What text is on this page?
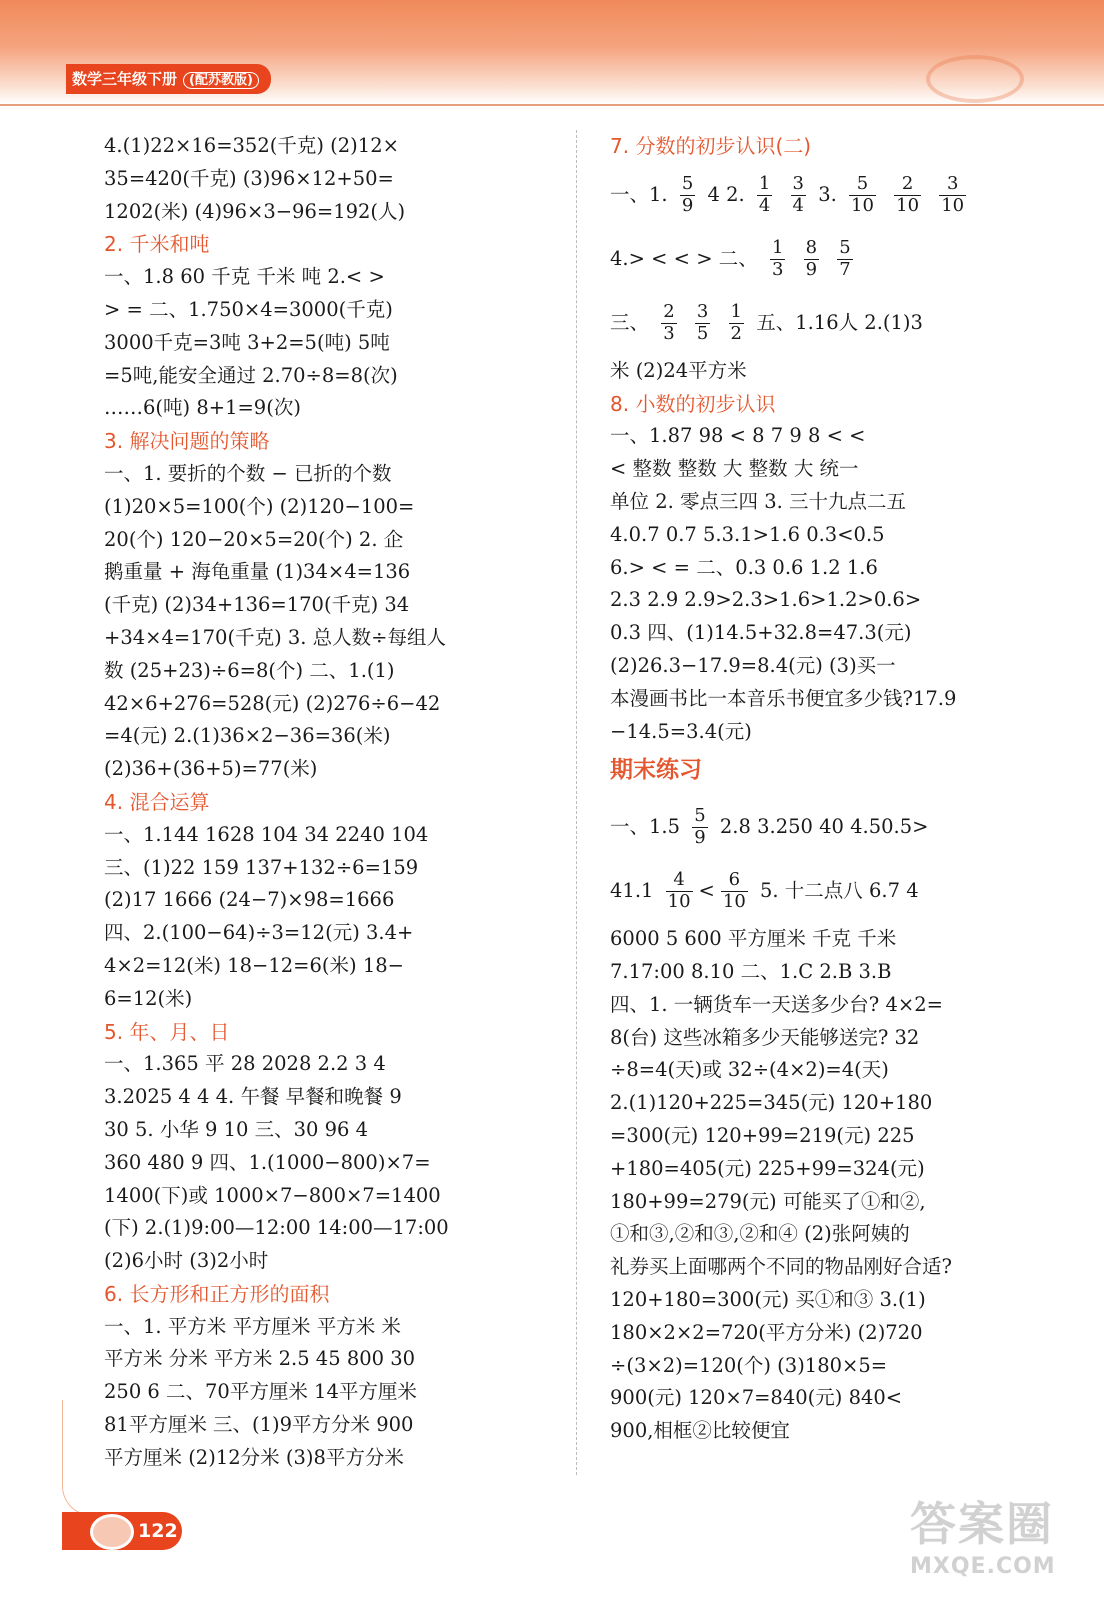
数学三年级下册 (配苏教版)
4.(1)22×16=352(千克) (2)12×
35=420(千克) (3)96×12+50=
1202(米) (4)96×3−96=192(人)
2. 千米和吨
一、1.8 60 千克 千米 吨 2.< >
> = 二、1.750×4=3000(千克)
3000千克=3吨 3+2=5(吨) 5吨
=5吨,能安全通过 2.70÷8=8(次)
……6(吨) 8+1=9(次)
3. 解决问题的策略
一、1. 要折的个数 − 已折的个数
(1)20×5=100(个) (2)120−100=
20(个) 120−20×5=20(个) 2. 企
鹅重量 + 海龟重量 (1)34×4=136
(千克) (2)34+136=170(千克) 34
+34×4=170(千克) 3. 总人数÷每组人
数 (25+23)÷6=8(个) 二、1.(1)
42×6+276=528(元) (2)276÷6−42
=4(元) 2.(1)36×2−36=36(米)
(2)36+(36+5)=77(米)
4. 混合运算
一、1.144 1628 104 34 2240 104
三、(1)22 159 137+132÷6=159
(2)17 1666 (24−7)×98=1666
四、2.(100−64)÷3=12(元) 3.4+
4×2=12(米) 18−12=6(米) 18−
6=12(米)
5. 年、月、日
一、1.365 平 28 2028 2.2 3 4
3.2025 4 4 4. 午餐 早餐和晚餐 9
30 5. 小华 9 10 三、30 96 4
360 480 9 四、1.(1000−800)×7=
1400(下)或 1000×7−800×7=1400
(下) 2.(1)9:00—12:00 14:00—17:00
(2)6小时 (3)2小时
6. 长方形和正方形的面积
一、1. 平方米 平方厘米 平方米 米
平方米 分米 平方米 2.5 45 800 30
250 6 二、70平方厘米 14平方厘米
81平方厘米 三、(1)9平方分米 900
平方厘米 (2)12分米 (3)8平方分米
7. 分数的初步认识(二)
一、1. $\frac{5}{9} 4$ 2. $\frac{1}{4}$
$\frac{3}{4} 3$. $\frac{5}{10}$
$\frac{2}{10}$
$\frac{3}{10}$
4.> < < > 二、 $\frac{1}{3}$
$\frac{8}{9}$
$\frac{5}{7}$
三、 $\frac{2}{3}$
$\frac{3}{5}$
$\frac{1}{2}$ 五、1.16人 2.(1)3
米 (2)24平方米
8. 小数的初步认识
一、1.87 98 < 8 7 9 8 < <
< 整数 整数 大 整数 大 统一
单位 2. 零点三四 3. 三十九点二五
4.0.7 0.7 5.3.1>1.6 0.3<0.5
6.> < = 二、0.3 0.6 1.2 1.6
2.3 2.9 2.9>2.3>1.6>1.2>0.6>
0.3 四、(1)14.5+32.8=47.3(元)
(2)26.3−17.9=8.4(元) (3)买一
本漫画书比一本音乐书便宜多少钱?17.9
−14.5=3.4(元)
期末练习
一、$1.5 \frac{5}{9} 2.8$ 3.250 40 4.50.5>
$41.1 \frac{4}{10} < \frac{6}{10} 5$. 十二点八 6.7 4
6000 5 600 平方厘米 千克 千米
7.17:00 8.10 二、1.C 2.B 3.B
四、1. 一辆货车一天送多少台? 4×2=
8(台) 这些冰箱多少天能够送完? 32
÷8=4(天)或 32÷(4×2)=4(天)
2.(1)120+225=345(元) 120+180
=300(元) 120+99=219(元) 225
+180=405(元) 225+99=324(元)
180+99=279(元) 可能买了①和②,
①和③,②和③,②和④ (2)张阿姨的
礼券买上面哪两个不同的物品刚好合适?
120+180=300(元) 买①和③ 3.(1)
180×2×2=720(平方分米) (2)720
÷(3×2)=120(个) (3)180×5=
900(元) 120×7=840(元) 840<
900,相框②比较便宜
122	答案圈
MXQE.COM
